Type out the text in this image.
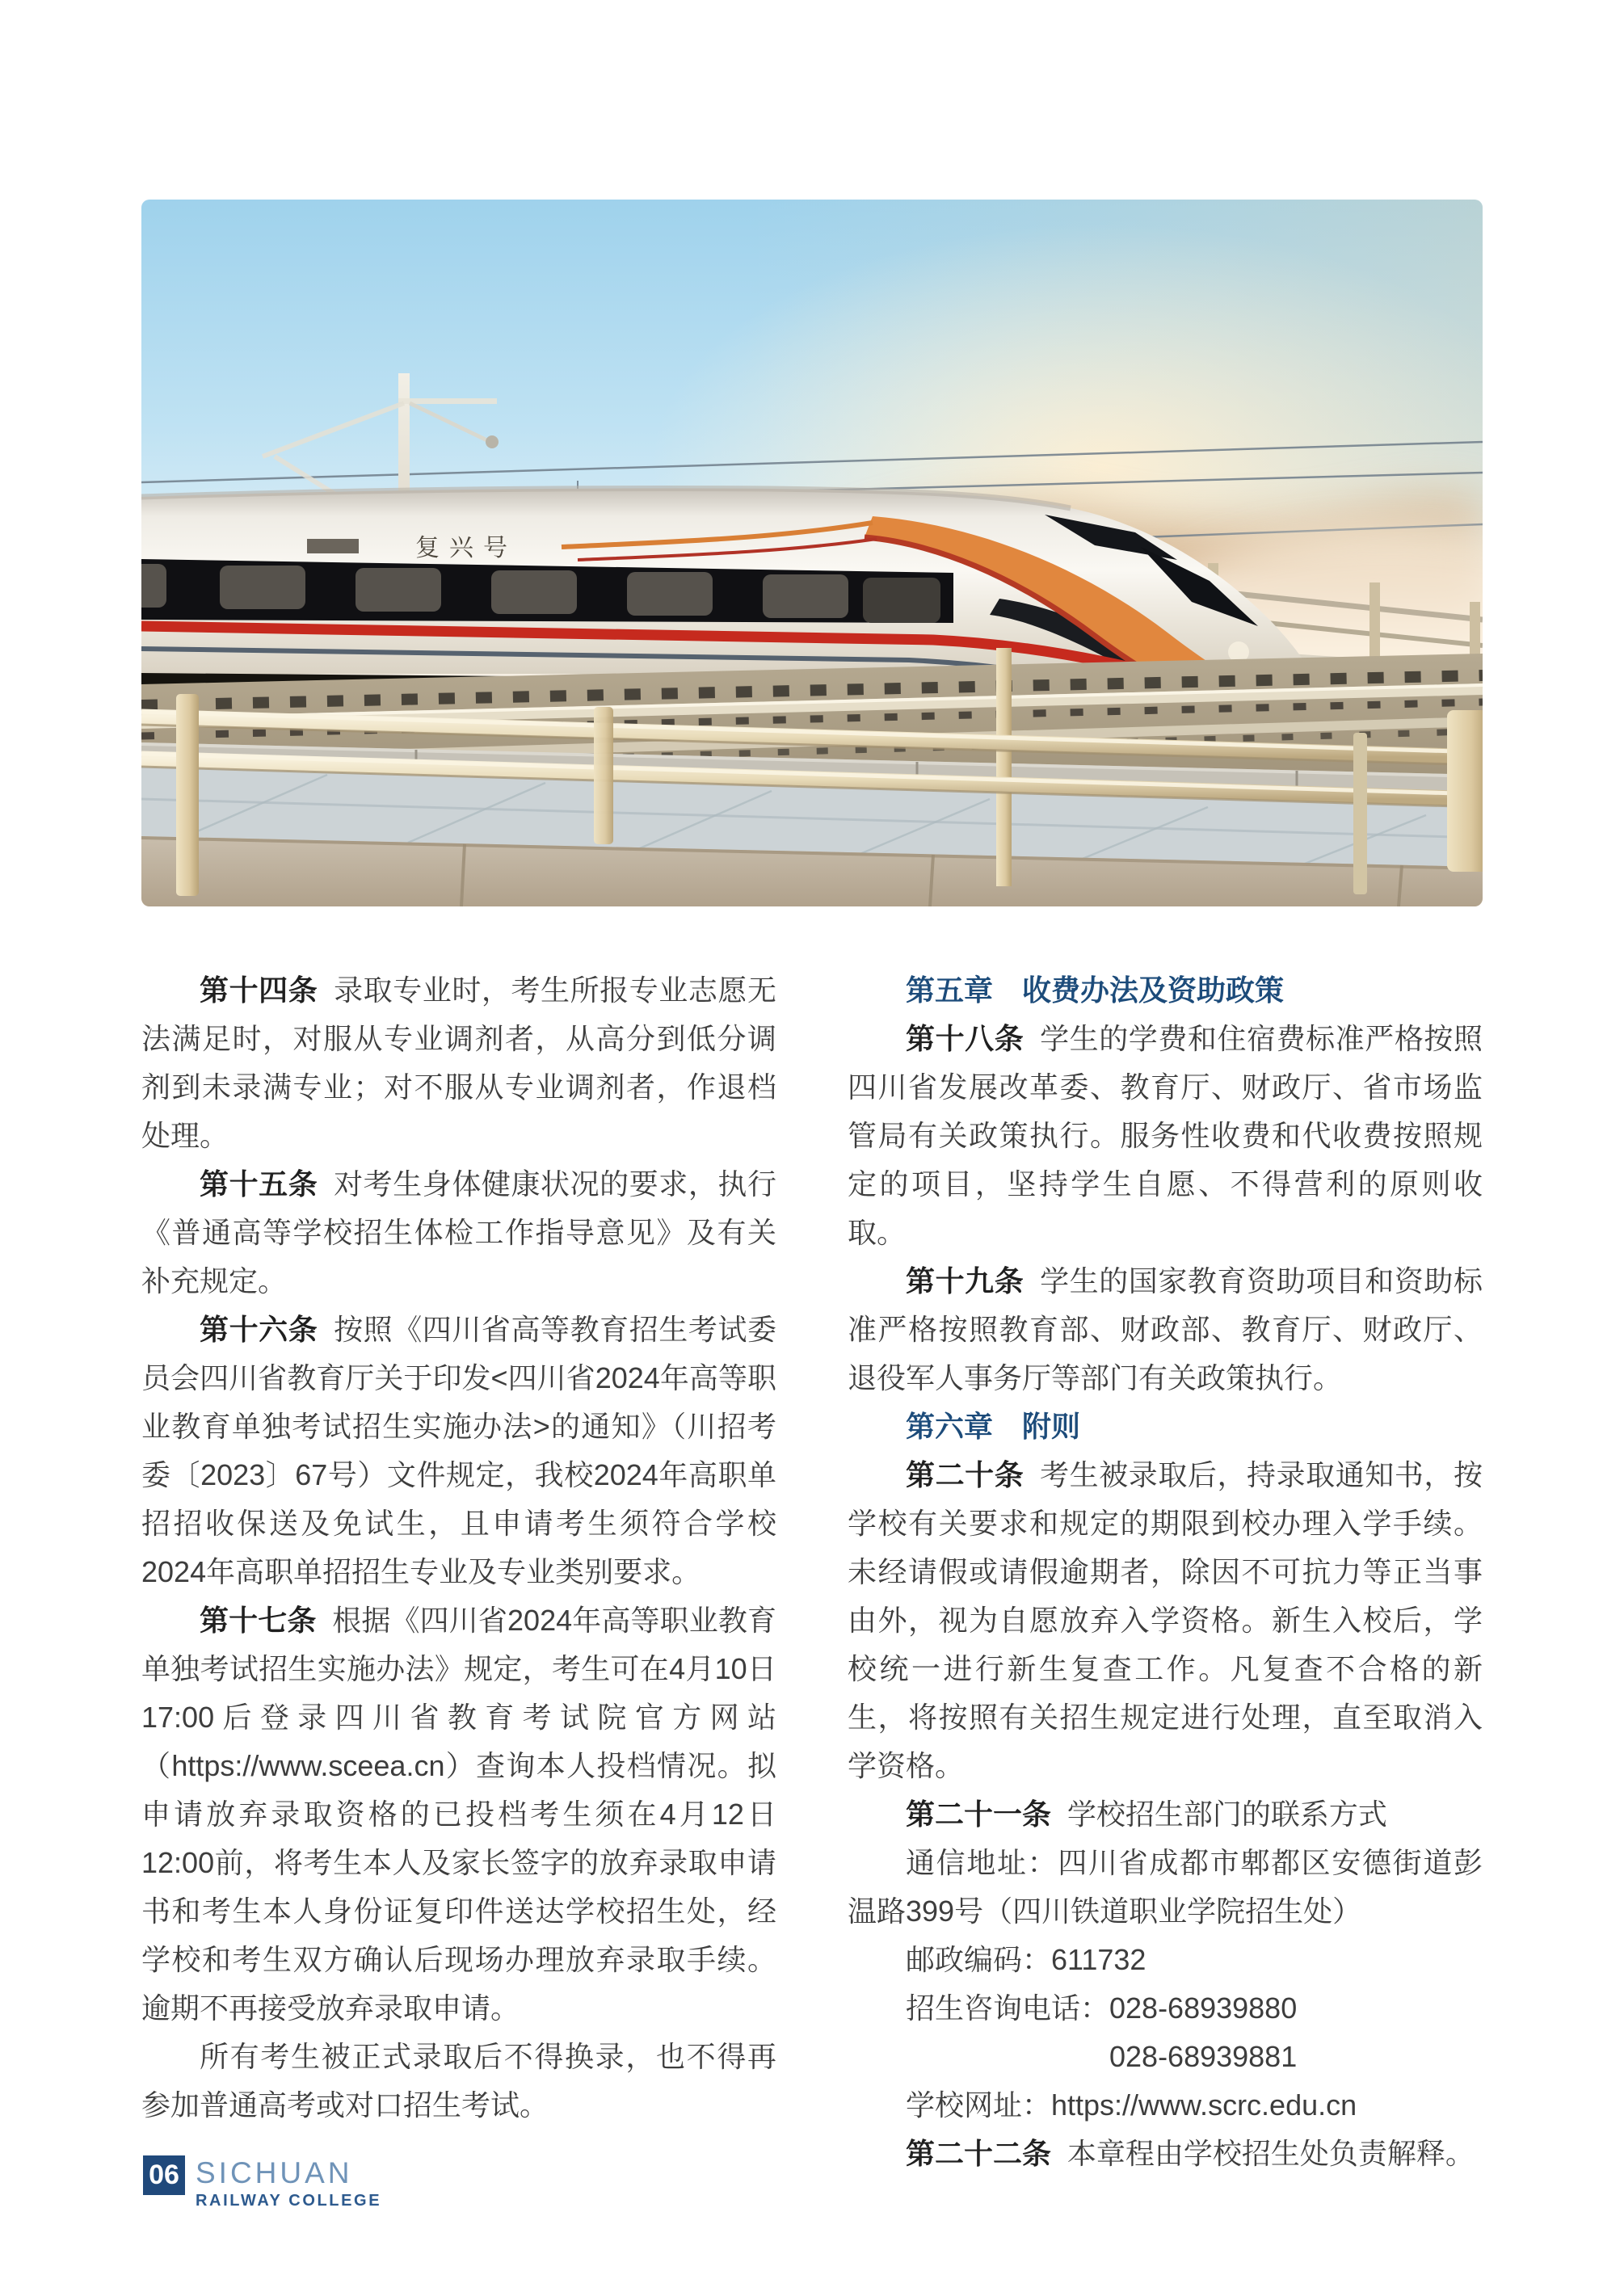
复兴号

第十四条 录取专业时，考生所报专业志愿无法满足时，对服从专业调剂者，从高分到低分调剂到未录满专业；对不服从专业调剂者，作退档处理。

第十五条 对考生身体健康状况的要求，执行《普通高等学校招生体检工作指导意见》及有关补充规定。

第十六条 按照《四川省高等教育招生考试委员会四川省教育厅关于印发<四川省2024年高等职业教育单独考试招生实施办法>的通知》（川招考委〔2023〕67号）文件规定，我校2024年高职单招招收保送及免试生，且申请考生须符合学校2024年高职单招招生专业及专业类别要求。

第十七条 根据《四川省2024年高等职业教育单独考试招生实施办法》规定，考生可在4月10日17:00后登录四川省教育考试院官方网站（https://www.sceea.cn）查询本人投档情况。拟申请放弃录取资格的已投档考生须在4月12日12:00前，将考生本人及家长签字的放弃录取申请书和考生本人身份证复印件送达学校招生处，经学校和考生双方确认后现场办理放弃录取手续。逾期不再接受放弃录取申请。

所有考生被正式录取后不得换录，也不得再参加普通高考或对口招生考试。

第五章　收费办法及资助政策

第十八条 学生的学费和住宿费标准严格按照四川省发展改革委、教育厅、财政厅、省市场监管局有关政策执行。服务性收费和代收费按照规定的项目，坚持学生自愿、不得营利的原则收取。

第十九条 学生的国家教育资助项目和资助标准严格按照教育部、财政部、教育厅、财政厅、退役军人事务厅等部门有关政策执行。

第六章　附则

第二十条 考生被录取后，持录取通知书，按学校有关要求和规定的期限到校办理入学手续。未经请假或请假逾期者，除因不可抗力等正当事由外，视为自愿放弃入学资格。新生入校后，学校统一进行新生复查工作。凡复查不合格的新生，将按照有关招生规定进行处理，直至取消入学资格。

第二十一条 学校招生部门的联系方式

通信地址：四川省成都市郫都区安德街道彭温路399号（四川铁道职业学院招生处）

邮政编码：611732

招生咨询电话：028-68939880

028-68939881

学校网址：https://www.scrc.edu.cn

第二十二条 本章程由学校招生处负责解释。

06 SICHUAN
RAILWAY COLLEGE
